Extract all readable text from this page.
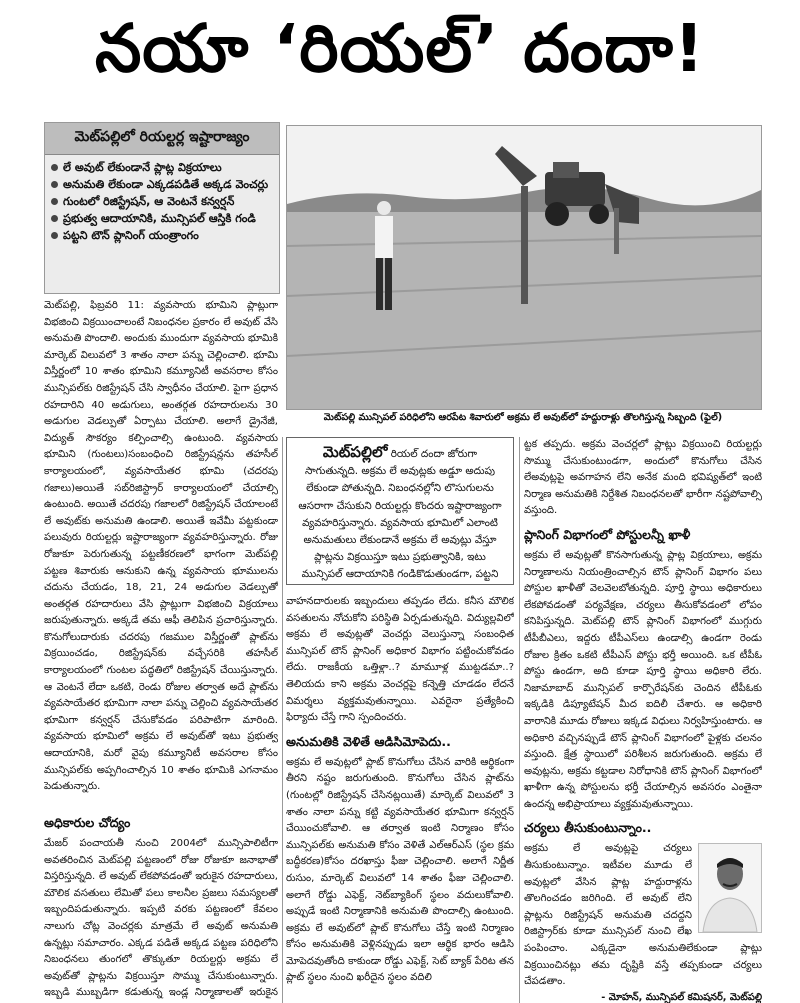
నయా ‘రియల్’ దందా!
మెట్‌పల్లిలో రియల్టర్ల ఇష్టారాజ్యం
లే అవుట్ లేకుండానే ప్లాట్ల విక్రయాలు
అనుమతి లేకుండా ఎక్కడపడితే అక్కడ వెంచర్లు
గుంటలో రిజిస్ట్రేషన్, ఆ వెంటనే కన్వర్షన్
ప్రభుత్వ ఆదాయానికి, మున్సిపల్ ఆస్తికి గండి
పట్టని టౌన్ ప్లానింగ్ యంత్రాంగం
మెట్‌పల్లి మున్సిపల్ పరిధిలోని ఆరపేట శివారులో అక్రమ లే అవుట్‌లో హద్దురాళ్లు తొలగిస్తున్న సిబ్బంది (ఫైల్)

మెట్‌పల్లి, ఫిబ్రవరి 11: వ్యవసాయ భూమిని ప్లాట్లుగా విభజించి విక్రయించాలంటే నిబంధనల ప్రకారం లే అవుట్ వేసి అనుమతి పొందాలి. అందుకు ముందుగా వ్యవసాయ భూమికి మార్కెట్ విలువలో 3 శాతం నాలా పన్ను చెల్లించాలి. భూమి విస్తీర్ణంలో 10 శాతం భూమిని కమ్యూనిటీ అవసరాల కోసం మున్సిపల్‌కు రిజిస్ట్రేషన్ చేసి స్వాధీనం చేయాలి. పైగా ప్రధాన రహదారిని 40 అడుగులు, అంతర్గత రహదారులను 30 అడుగుల వెడల్పుతో ఏర్పాటు చేయాలి. అలాగే డ్రైనేజీ, విద్యుత్ సౌకర్యం కల్పించాల్సి ఉంటుంది. వ్యవసాయ భూమిని (గుంటలు)సంబంధించి రిజిస్ట్రేషన్లను తహసీల్ కార్యాలయంలో, వ్యవసాయేతర భూమి (చదరపు గజాలు)అయితే సబ్‌రిజిస్ట్రార్ కార్యాలయంలో చేయాల్సి ఉంటుంది. అయితే చదరపు గజాలలో రిజిస్ట్రేషన్ చేయాలంటే లే అవుట్‌కు అనుమతి ఉండాలి. అయితే ఇవేమీ పట్టకుండా పలువురు రియల్టర్లు ఇష్టారాజ్యంగా వ్యవహరిస్తున్నారు. రోజు రోజుకూ పెరుగుతున్న పట్టణీకరణలో భాగంగా మెట్‌పల్లి పట్టణ శివారుకు ఆనుకుని ఉన్న వ్యవసాయ భూములను చదును చేయడం, 18, 21, 24 అడుగుల వెడల్పుతో అంతర్గత రహదారులు వేసి ప్లాట్లుగా విభజించి విక్రయాలు జరుపుతున్నారు. అక్కడే తమ ఆఫీ తెలిపిన ప్రచారిస్తున్నారు. కొనుగోలుదారుకు చదరపు గజముల విస్తీర్ణంతో ప్లాట్‌ను విక్రయించడం, రిజిస్ట్రేషన్‌కు వచ్చేసరికి తహసీల్ కార్యాలయంలో గుంటల పద్ధతిలో రిజిస్ట్రేషన్ చేయిస్తున్నారు. ఆ వెంటనే లేదా ఒకటి, రెండు రోజుల తర్వాత అదే ప్లాట్‌ను వ్యవసాయేతర భూమిగా నాలా పన్ను చెల్లించి వ్యవసాయేతర భూమిగా కన్వర్షన్ చేసుకోవడం పరిపాటిగా మారింది. వ్యవసాయ భూమిలో అక్రమ లే అవుట్‌తో ఇటు ప్రభుత్వ ఆదాయానికి, మరో వైపు కమ్యూనిటీ అవసరాల కోసం మున్సిపల్‌కు అప్పగించాల్సిన 10 శాతం భూమికి ఎగనామం పెడుతున్నారు.

అధికారుల చోద్యం

మేజర్ పంచాయతీ నుంచి 2004లో మున్సిపాలిటీగా అవతరించిన మెట్‌పల్లి పట్టణంలో రోజు రోజుకూ జనాభాతో విస్తరిస్తున్నది. లే అవుట్ లేకపోవడంతో ఇరుకైన రహదారులు, మౌలిక వసతులు లేమితో పలు కాలనీల ప్రజలు సమస్యలతో ఇబ్బందిపడుతున్నారు. ఇప్పటి వరకు పట్టణంలో కేవలం నాలుగు చోట్ల వెంచర్లకు మాత్రమే లే అవుట్ అనుమతి ఉన్నట్లు సమాచారం. ఎక్కడ పడితే అక్కడ పట్టణ పరిధిలోని నిబంధనలు తుంగలో తొక్కుతూ రియల్టర్లు అక్రమ లే అవుట్‌తో ప్లాట్లను విక్రయిస్తూ సొమ్ము చేసుకుంటున్నారు. ఇబ్బడి ముబ్బడిగా కడుతున్న ఇండ్ల నిర్మాణాలతో ఇరుకైన

మెట్‌పల్లిలో రియల్ దందా జోరుగా సాగుతున్నది. అక్రమ లే అవుట్లకు అడ్డూ అదుపు లేకుండా పోతున్నది. నిబంధనల్లోని లొసుగులను ఆసరాగా చేసుకుని రియల్టర్లు కొందరు ఇష్టారాజ్యంగా వ్యవహరిస్తున్నారు. వ్యవసాయ భూమిలో ఎలాంటి అనుమతులు లేకుండానే అక్రమ లే అవుట్లు వేస్తూ ప్లాట్లను విక్రయిస్తూ ఇటు ప్రభుత్వానికి, ఇటు మున్సిపల్ ఆదాయానికి గండికొడుతుండగా, పట్టని

వాహనదారులకు ఇబ్బందులు తప్పడం లేదు. కనీస మౌలిక వసతులను నోచుకోని పరిస్థితి ఏర్పడుతున్నది. విద్యుల్లవిలో అక్రమ లే అవుట్లతో వెంచర్లు వెలుస్తున్నా సంబంధిత మున్సిపల్ టౌన్ ప్లానింగ్ అధికార విభాగం పట్టించుకోవడం లేదు. రాజకీయ ఒత్తిళ్లా..? మామూళ్ల ముట్టడమా..? తెలియదు కాని అక్రమ వెంచర్లపై కన్నెత్తి చూడడం లేదనే విమర్శలు వ్యక్తమవుతున్నాయి. ఎవరైనా ప్రత్యేకించి ఫిర్యాదు చేస్తే గాని స్పందించరు.

అనుమతికి వెళితే ఆడిసిమోపెదు..

అక్రమ లే అవుట్లలో ప్లాట్ కొనుగోలు చేసిన వారికి ఆర్థికంగా తీరని నష్టం జరుగుతుంది. కొనుగోలు చేసిన ప్లాట్‌ను (గుంటల్లో రిజిస్ట్రేషన్ చేసినట్లయితే) మార్కెట్ విలువలో 3 శాతం నాలా పన్ను కట్టి వ్యవసాయేతర భూమిగా కన్వర్షన్ చేయించుకోవాలి. ఆ తర్వాత ఇంటి నిర్మాణం కోసం మున్సిపల్‌కు అనుమతి కోసం వెళితే ఎల్‌ఆర్‌ఎస్ (స్థల క్రమ బద్ధీకరణ)కోసం దరఖాస్తు ఫీజు చెల్లించాలి. అలాగే నిర్ణీత రుసుం, మార్కెట్ విలువలో 14 శాతం ఫీజు చెల్లించాలి. అలాగే రోడ్డు ఎఫెక్ట్, నెట్‌బ్యాకింగ్ స్థలం వదులుకోవాలి. అప్పుడే ఇంటి నిర్మాణానికి అనుమతి పొందాల్సి ఉంటుంది. అక్రమ లే అవుట్‌లో ప్లాట్ కొనుగోలు చేస్తే ఇంటి నిర్మాణం కోసం అనుమతికి వెళ్లినప్పుడు ఇలా ఆర్థిక భారం ఆడిసి మోపెదవుతోంది కాకుండా రోడ్డు ఎఫెక్ట్, సెట్ బ్యాక్ పేరిట తన ప్లాట్ స్థలం నుంచి ఖరీదైన స్థలం వదిలి

ట్టక తప్పదు. అక్రమ వెంచర్లలో ప్లాట్లు విక్రయించి రియల్టర్లు సొమ్ము చేసుకుంటుండగా, అందులో కొనుగోలు చేసిన లేఅవుట్లపై అవగాహన లేని అనేక మంది భవిష్యత్‌లో ఇంటి నిర్మాణ అనుమతికి నిర్దేశిత నిబంధనలతో భారీగా నష్టపోవాల్సి వస్తుంది.

ప్లానింగ్ విభాగంలో పోస్టులన్నీ ఖాళీ

అక్రమ లే అవుట్లతో కొనసాగుతున్న ప్లాట్ల విక్రయాలు, అక్రమ నిర్మాణాలను నియంత్రించాల్సిన టౌన్ ప్లానింగ్ విభాగం పలు పోస్టుల ఖాళీతో వెలవెలబోతున్నది. పూర్తి స్థాయి అధికారులు లేకపోవడంతో పర్యవేక్షణ, చర్యలు తీసుకోవడంలో లోపం కనిపిస్తున్నది. మెట్‌పల్లి టౌన్ ప్లానింగ్ విభాగంలో ముగ్గురు టీపీబీఎలు, ఇద్దరు టీపీఎస్‌లు ఉండాల్సి ఉండగా రెండు రోజుల క్రితం ఒకటి టీపీఎస్ పోస్టు భర్తీ అయింది. ఒక టీపీఓ పోస్టు ఉండగా, అది కూడా పూర్తి స్థాయి అధికారి లేరు. నిజామాబాద్ మున్సిపల్ కార్పొరేషన్‌కు చెందిన టీపీఓకు ఇక్కడికి డిప్యూటేషన్ మీద ఐదిలీ చేశారు. ఆ అధికారి వారానికి మూడు రోజులు ఇక్కడ విధులు నిర్వహిస్తుంటారు. ఆ అధికారి వచ్చినప్పుడే టౌన్ ప్లానింగ్ విభాగంలో పైళ్లకు చలనం వస్తుంది. క్షేత్ర స్థాయిలో పరిశీలన జరుగుతుంది. అక్రమ లే అవుట్లను, అక్రమ కట్టడాల నిరోధానికి టౌన్ ప్లానింగ్ విభాగంలో ఖాళీగా ఉన్న పోస్టులను భర్తీ చేయాల్సిన అవసరం ఎంతైనా ఉందన్న అభిప్రాయాలు వ్యక్తమవుతున్నాయి.

చర్యలు తీసుకుంటున్నాం..

అక్రమ లే అవుట్లపై చర్యలు తీసుకుంటున్నాం. ఇటీవల మూడు లే అవుట్లలో వేసిన ప్లాట్ల హద్దురాళ్లను తొలగించడం జరిగింది. లే అవుట్ లేని ప్లాట్లను రిజిస్ట్రేషన్ అనుమతి చదద్దని రిజిస్ట్రార్‌కు కూడా మున్సిపల్ నుంచి లేఖ పంపించాం. ఎక్కడైనా అనుమతిలేకుండా ప్లాట్లు విక్రయించినట్లు తమ దృష్టికి వస్తే తప్పకుండా చర్యలు చేపడతాం.

- మోహన్, మున్సిపల్ కమిషనర్, మెట్‌పల్లి
